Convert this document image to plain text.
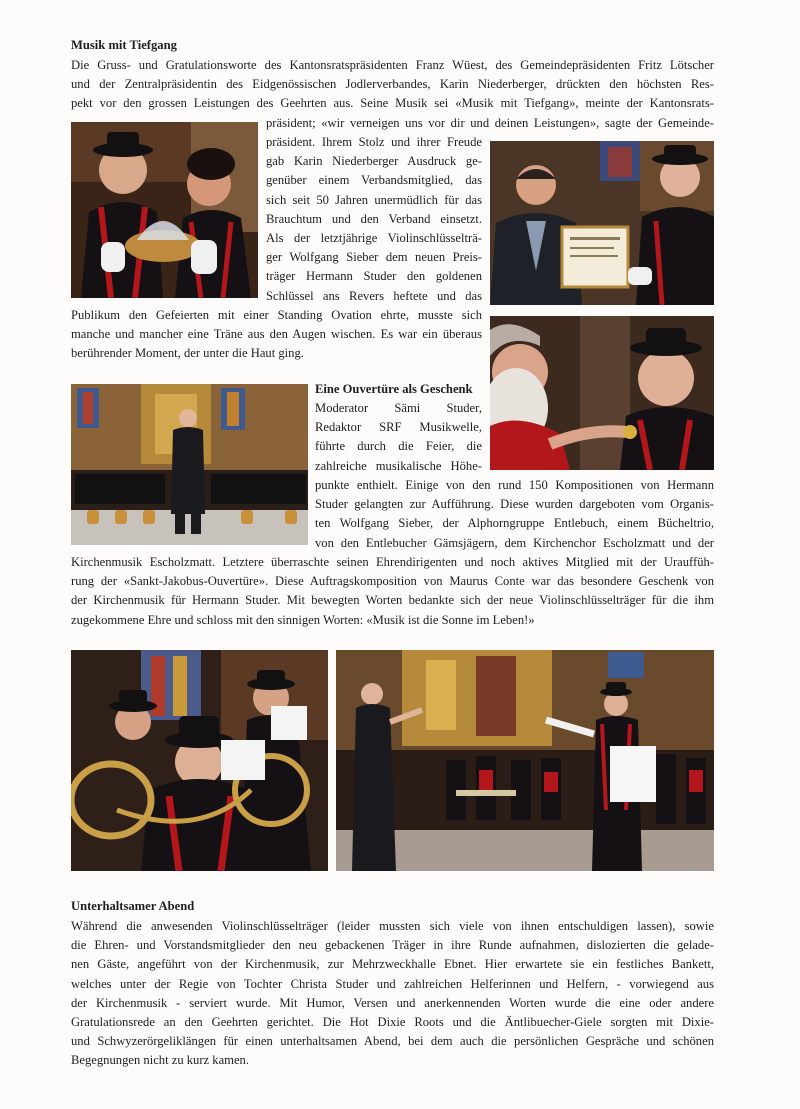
Musik mit Tiefgang

Die Gruss- und Gratulationsworte des Kantonsratspräsidenten Franz Wüest, des Gemeindepräsidenten Fritz Lötscher

und der Zentralpräsidentin des Eidgenössischen Jodlerverbandes, Karin Niederberger, drückten den höchsten Res-

pekt vor den grossen Leistungen des Geehrten aus. Seine Musik sei «Musik mit Tiefgang», meinte der Kantonsrats-

präsident; «wir verneigen uns vor dir und deinen Leistungen», sagte der Gemeinde-

präsident. Ihrem Stolz und ihrer Freude

gab Karin Niederberger Ausdruck ge-

genüber einem Verbandsmitglied, das

sich seit 50 Jahren unermüdlich für das

Brauchtum und den Verband einsetzt.

Als der letztjährige Violinschlüsselträ-

ger Wolfgang Sieber dem neuen Preis-

träger Hermann Studer den goldenen

Schlüssel ans Revers heftete und das

Publikum den Gefeierten mit einer Standing Ovation ehrte, musste sich

manche und mancher eine Träne aus den Augen wischen. Es war ein überaus

berührender Moment, der unter die Haut ging.

Eine Ouvertüre als Geschenk

Moderator Sämi Studer,

Redaktor SRF Musikwelle,

führte durch die Feier, die

zahlreiche musikalische Höhe-

punkte enthielt. Einige von den rund 150 Kompositionen von Hermann

Studer gelangten zur Aufführung. Diese wurden dargeboten vom Organis-

ten Wolfgang Sieber, der Alphorngruppe Entlebuch, einem Bücheltrio,

von den Entlebucher Gämsjägern, dem Kirchenchor Escholzmatt und der

Kirchenmusik Escholzmatt. Letztere überraschte seinen Ehrendirigenten und noch aktives Mitglied mit der Urauffüh-

rung der «Sankt-Jakobus-Ouvertüre». Diese Auftragskomposition von Maurus Conte war das besondere Geschenk von

der Kirchenmusik für Hermann Studer. Mit bewegten Worten bedankte sich der neue Violinschlüsselträger für die ihm

zugekommene Ehre und schloss mit den sinnigen Worten: «Musik ist die Sonne im Leben!»

Unterhaltsamer Abend

Während die anwesenden Violinschlüsselträger (leider mussten sich viele von ihnen entschuldigen lassen), sowie

die Ehren- und Vorstandsmitglieder den neu gebackenen Träger in ihre Runde aufnahmen, dislozierten die gelade-

nen Gäste, angeführt von der Kirchenmusik, zur Mehrzweckhalle Ebnet. Hier erwartete sie ein festliches Bankett,

welches unter der Regie von Tochter Christa Studer und zahlreichen Helferinnen und Helfern, - vorwiegend aus

der Kirchenmusik - serviert wurde. Mit Humor, Versen und anerkennenden Worten wurde die eine oder andere

Gratulationsrede an den Geehrten gerichtet. Die Hot Dixie Roots und die Äntlibuecher-Giele sorgten mit Dixie-

und Schwyzerörgeliklängen für einen unterhaltsamen Abend, bei dem auch die persönlichen Gespräche und schönen

Begegnungen nicht zu kurz kamen.
